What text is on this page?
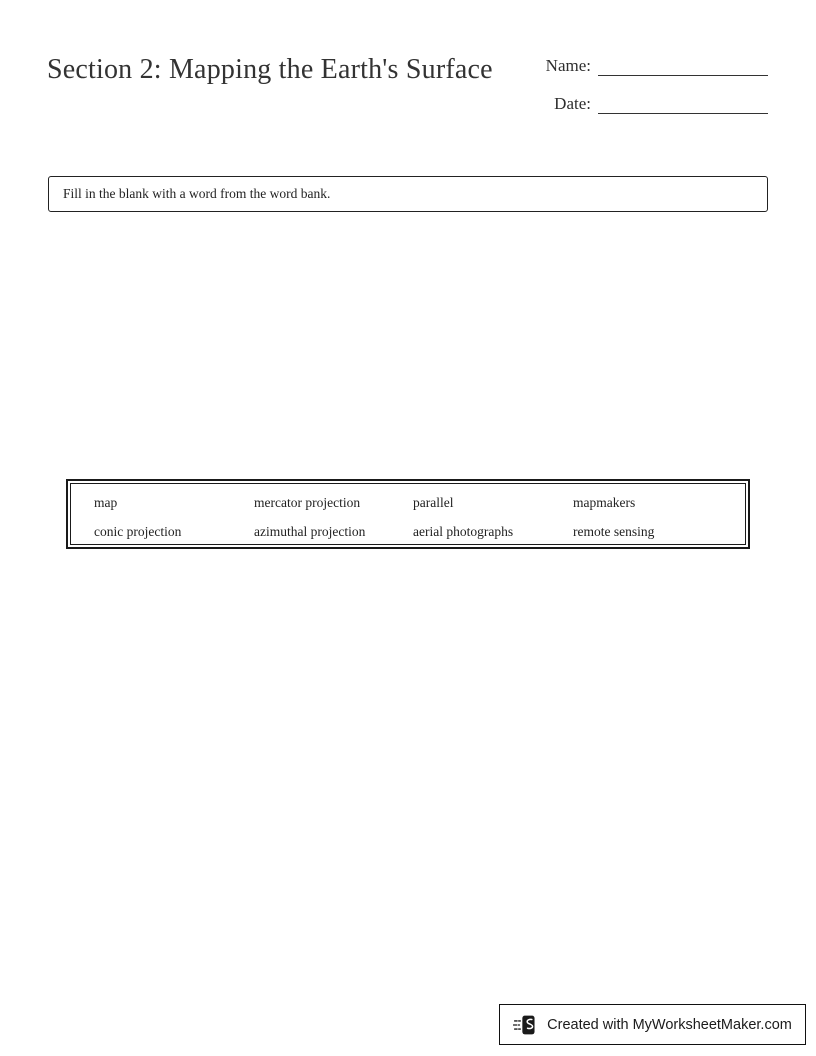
Section 2: Mapping the Earth's Surface	Name:
Date:
Fill in the blank with a word from the word bank.
map	mercator projection	parallel	mapmakers
conic projection	azimuthal projection	aerial photographs	remote sensing
Created with MyWorksheetMaker.com
